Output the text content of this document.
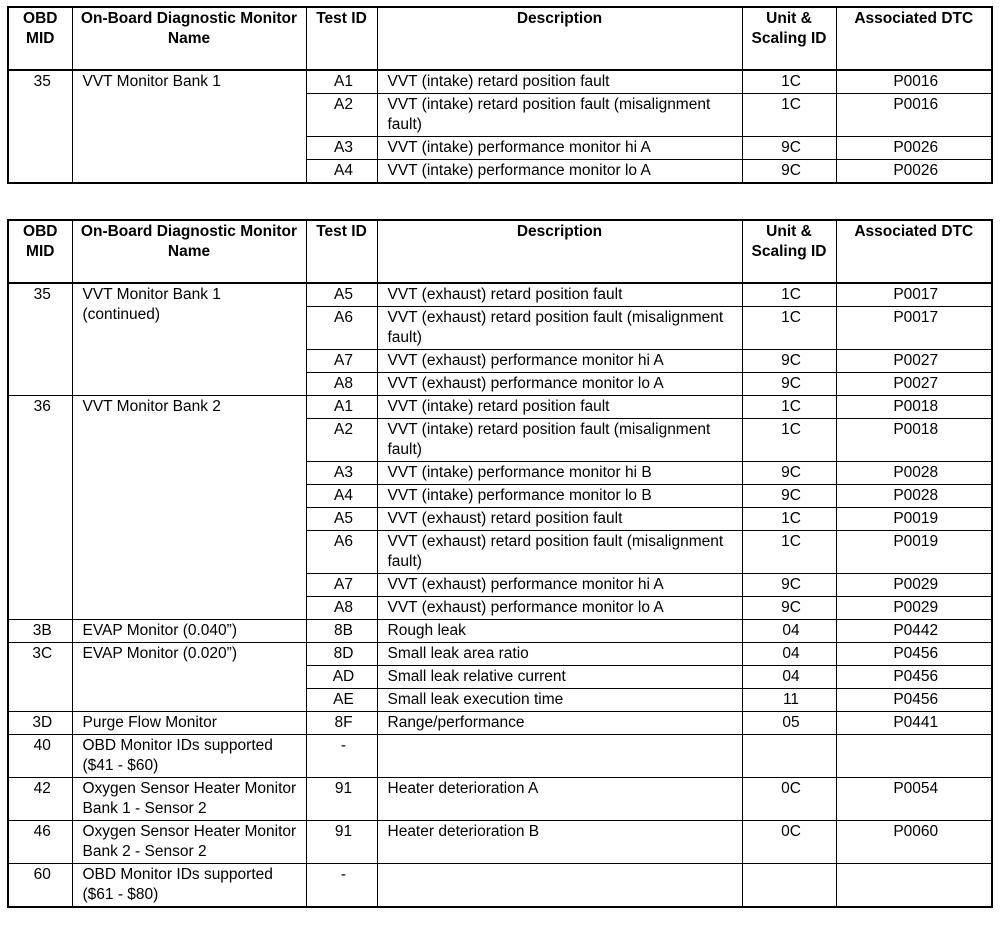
OBD MID	On-Board Diagnostic Monitor Name	Test ID	Description	Unit & Scaling ID	Associated DTC
35	VVT Monitor Bank 1	A1	VVT (intake) retard position fault	1C	P0016
		A2	VVT (intake) retard position fault (misalignment fault)	1C	P0016
		A3	VVT (intake) performance monitor hi A	9C	P0026
		A4	VVT (intake) performance monitor lo A	9C	P0026
OBD MID	On-Board Diagnostic Monitor Name	Test ID	Description	Unit & Scaling ID	Associated DTC
35	VVT Monitor Bank 1 (continued)	A5	VVT (exhaust) retard position fault	1C	P0017
		A6	VVT (exhaust) retard position fault (misalignment fault)	1C	P0017
		A7	VVT (exhaust) performance monitor hi A	9C	P0027
		A8	VVT (exhaust) performance monitor lo A	9C	P0027
36	VVT Monitor Bank 2	A1	VVT (intake) retard position fault	1C	P0018
		A2	VVT (intake) retard position fault (misalignment fault)	1C	P0018
		A3	VVT (intake) performance monitor hi B	9C	P0028
		A4	VVT (intake) performance monitor lo B	9C	P0028
		A5	VVT (exhaust) retard position fault	1C	P0019
		A6	VVT (exhaust) retard position fault (misalignment fault)	1C	P0019
		A7	VVT (exhaust) performance monitor hi A	9C	P0029
		A8	VVT (exhaust) performance monitor lo A	9C	P0029
3B	EVAP Monitor (0.040”)	8B	Rough leak	04	P0442
3C	EVAP Monitor (0.020”)	8D	Small leak area ratio	04	P0456
		AD	Small leak relative current	04	P0456
		AE	Small leak execution time	11	P0456
3D	Purge Flow Monitor	8F	Range/performance	05	P0441
40	OBD Monitor IDs supported ($41 - $60)	-			
42	Oxygen Sensor Heater Monitor Bank 1 - Sensor 2	91	Heater deterioration A	0C	P0054
46	Oxygen Sensor Heater Monitor Bank 2 - Sensor 2	91	Heater deterioration B	0C	P0060
60	OBD Monitor IDs supported ($61 - $80)	-			
